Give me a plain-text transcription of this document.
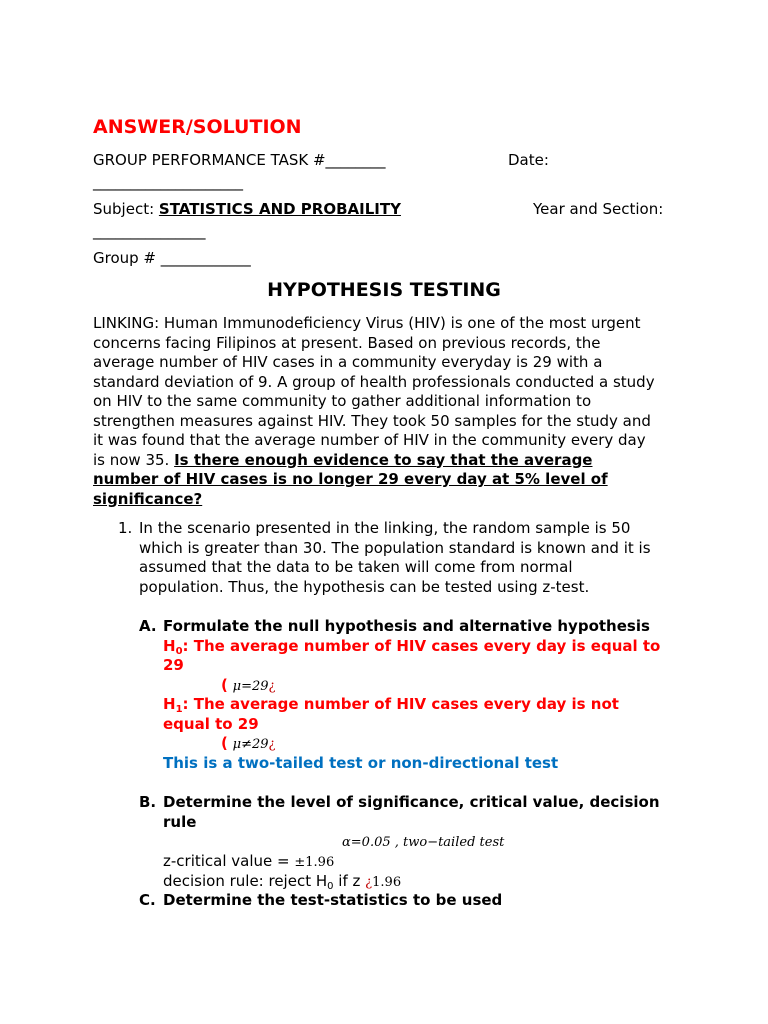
ANSWER/SOLUTION
GROUP PERFORMANCE TASK #________	Date:
____________________
Subject: STATISTICS AND PROBAILITY	Year and Section:
_______________
Group # ____________
HYPOTHESIS TESTING
LINKING: Human Immunodeficiency Virus (HIV) is one of the most urgent
concerns facing Filipinos at present. Based on previous records, the
average number of HIV cases in a community everyday is 29 with a
standard deviation of 9. A group of health professionals conducted a study
on HIV to the same community to gather additional information to
strengthen measures against HIV. They took 50 samples for the study and
it was found that the average number of HIV in the community every day
is now 35. Is there enough evidence to say that the average
number of HIV cases is no longer 29 every day at 5% level of
significance?
1. In the scenario presented in the linking, the random sample is 50
which is greater than 30. The population standard is known and it is
assumed that the data to be taken will come from normal
population. Thus, the hypothesis can be tested using z-test.
A. Formulate the null hypothesis and alternative hypothesis
$H_0$: The average number of HIV cases every day is equal to
29
( μ=29¿
$H_1$: The average number of HIV cases every day is not
equal to 29
( μ≠29¿
This is a two-tailed test or non-directional test
B. Determine the level of significance, critical value, decision
rule
α=0.05 , two−tailed test
z-critical value = ±1.96
decision rule: reject $H_0$ if z ¿1.96
C. Determine the test-statistics to be used
